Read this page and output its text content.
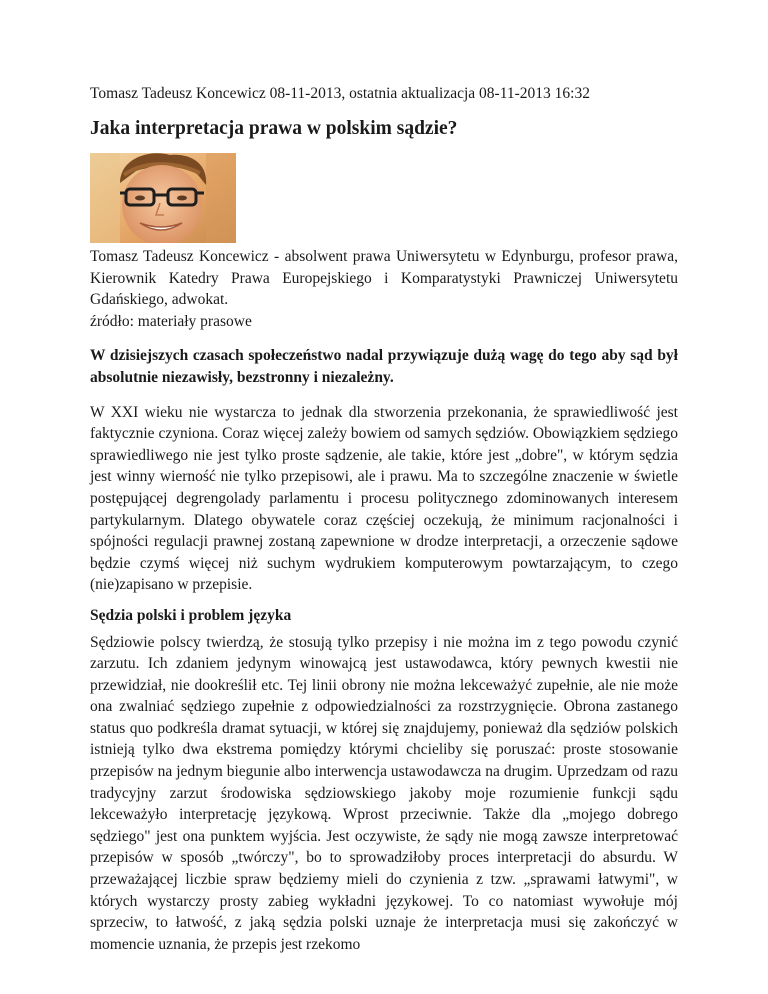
Tomasz Tadeusz Koncewicz 08-11-2013, ostatnia aktualizacja 08-11-2013 16:32

Jaka interpretacja prawa w polskim sądzie?

Tomasz Tadeusz Koncewicz - absolwent prawa Uniwersytetu w Edynburgu, profesor prawa, Kierownik Katedry Prawa Europejskiego i Komparatystyki Prawniczej Uniwersytetu Gdańskiego, adwokat.

źródło: materiały prasowe

W dzisiejszych czasach społeczeństwo nadal przywiązuje dużą wagę do tego aby sąd był absolutnie niezawisły, bezstronny i niezależny.

W XXI wieku nie wystarcza to jednak dla stworzenia przekonania, że sprawiedliwość jest faktycznie czyniona. Coraz więcej zależy bowiem od samych sędziów. Obowiązkiem sędziego sprawiedliwego nie jest tylko proste sądzenie, ale takie, które jest „dobre", w którym sędzia jest winny wierność nie tylko przepisowi, ale i prawu. Ma to szczególne znaczenie w świetle postępującej degrengolady parlamentu i procesu politycznego zdominowanych interesem partykularnym. Dlatego obywatele coraz częściej oczekują, że minimum racjonalności i spójności regulacji prawnej zostaną zapewnione w drodze interpretacji, a orzeczenie sądowe będzie czymś więcej niż suchym wydrukiem komputerowym powtarzającym, to czego (nie)zapisano w przepisie.

Sędzia polski i problem języka

Sędziowie polscy twierdzą, że stosują tylko przepisy i nie można im z tego powodu czynić zarzutu. Ich zdaniem jedynym winowajcą jest ustawodawca, który pewnych kwestii nie przewidział, nie dookreślił etc. Tej linii obrony nie można lekceważyć zupełnie, ale nie może ona zwalniać sędziego zupełnie z odpowiedzialności za rozstrzygnięcie. Obrona zastanego status quo podkreśla dramat sytuacji, w której się znajdujemy, ponieważ dla sędziów polskich istnieją tylko dwa ekstrema pomiędzy którymi chcieliby się poruszać: proste stosowanie przepisów na jednym biegunie albo interwencja ustawodawcza na drugim. Uprzedzam od razu tradycyjny zarzut środowiska sędziowskiego jakoby moje rozumienie funkcji sądu lekceważyło interpretację językową. Wprost przeciwnie. Także dla „mojego dobrego sędziego" jest ona punktem wyjścia. Jest oczywiste, że sądy nie mogą zawsze interpretować przepisów w sposób „twórczy", bo to sprowadziłoby proces interpretacji do absurdu. W przeważającej liczbie spraw będziemy mieli do czynienia z tzw. „sprawami łatwymi", w których wystarczy prosty zabieg wykładni językowej. To co natomiast wywołuje mój sprzeciw, to łatwość, z jaką sędzia polski uznaje że interpretacja musi się zakończyć w momencie uznania, że przepis jest rzekomo
